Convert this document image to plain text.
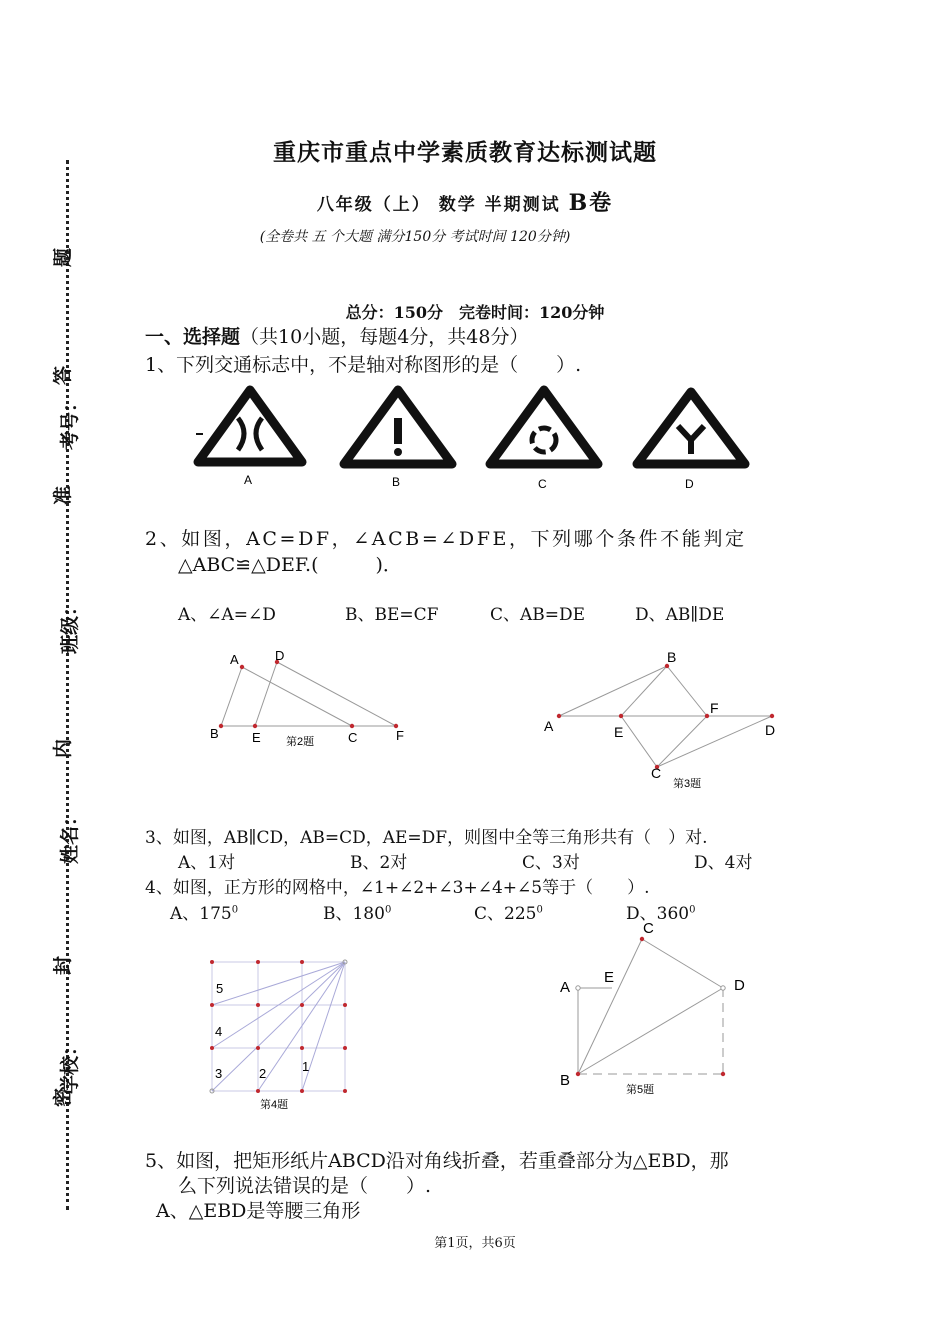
重庆市重点中学素质教育达标测试题
八年级（上） 数学 半期测试 B卷
(全卷共 五 个大题 满分150分 考试时间 120分钟)
总分：150分　完卷时间：120分钟
题
答
考号：
准
班级：
内
姓名：
封
学校：
密
一、选择题（共10小题，每题4分，共48分）
1、下列交通标志中，不是轴对称图形的是（　　）.
A	B	C	D
2、如图，AC=DF，∠ACB=∠DFE，下列哪个条件不能判定
△ABC≌△DEF.(　　　)．
A、∠A=∠D	B、BE=CF	C、AB=DE	D、AB∥DE
A	D
B	E	C	F
第2题
B
A	E
F
D
C
第3题
3、如图，AB∥CD，AB=CD，AE=DF，则图中全等三角形共有（　）对.
A、1对	B、2对	C、3对	D、4对
4、如图，正方形的网格中，∠1+∠2+∠3+∠4+∠5等于（　　）.
A、$175^0$	B、$180^0$	C、$225^0$	D、$360^0$
5
4
3	2	1
第4题
C
E
A	D
B
第5题
5、如图，把矩形纸片ABCD沿对角线折叠，若重叠部分为△EBD，那
么下列说法错误的是（　　）.
A、△EBD是等腰三角形
第1页，共6页
